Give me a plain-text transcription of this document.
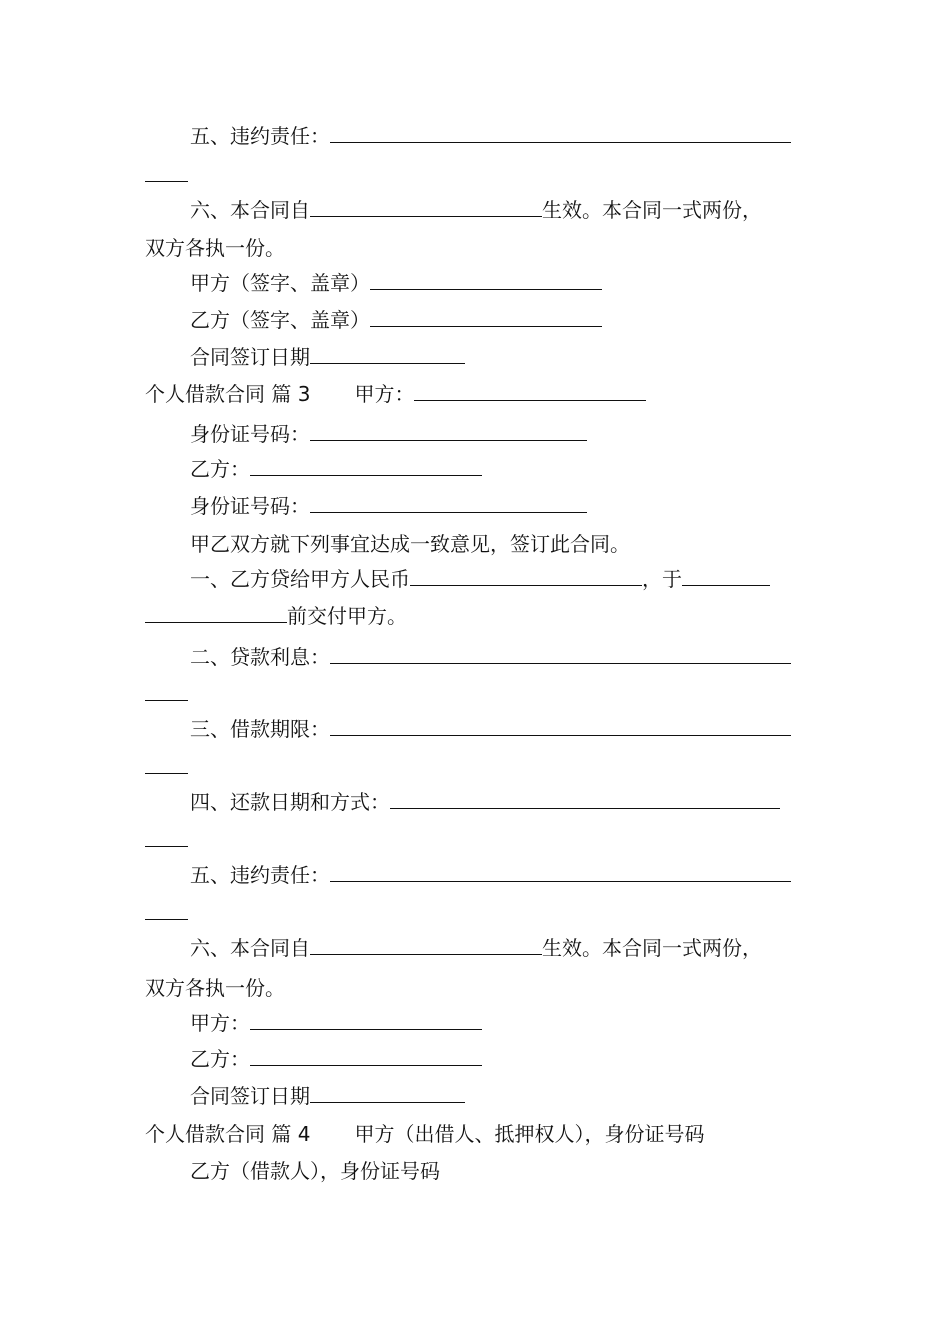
五、违约责任：
六、本合同自	生效。本合同一式两份，
双方各执一份。
甲方（签字、盖章）
乙方（签字、盖章）
合同签订日期
个人借款合同 篇 3 甲方：
身份证号码：
乙方：
身份证号码：
甲乙双方就下列事宜达成一致意见，签订此合同。
一、乙方贷给甲方人民币	，于
前交付甲方。
二、贷款利息：
三、借款期限：
四、还款日期和方式：
五、违约责任：
六、本合同自	生效。本合同一式两份，
双方各执一份。
甲方：
乙方：
合同签订日期
个人借款合同 篇 4 甲方（出借人、抵押权人），身份证号码
乙方（借款人），身份证号码
